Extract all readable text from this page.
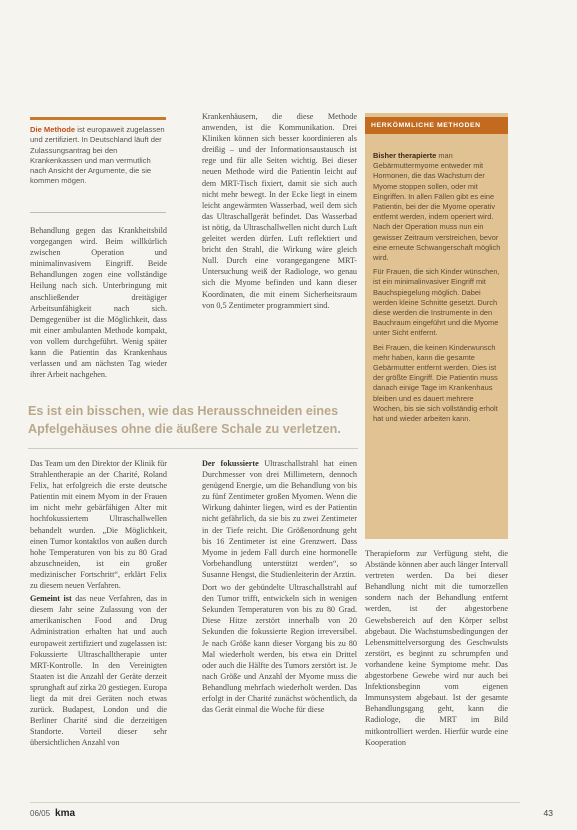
Die Methode ist europaweit zugelassen und zertifiziert. In Deutschland läuft der Zulassungsantrag bei den Krankenkassen und man vermutlich nach Ansicht der Argumente, die sie kommen mögen.

Behandlung gegen das Krankheitsbild vorgegangen wird. Beim willkürlich zwischen Operation und minimalinvasivem Eingriff. Beide Behandlungen zogen eine vollständige Heilung nach sich. Unterbringung mit anschließender dreitägiger Arbeitsunfähigkeit nach sich. Demgegenüber ist die Möglichkeit, dass mit einer ambulanten Methode kompakt, von vollem durchgeführt. Wenig später kann die Patientin das Krankenhaus verlassen und am nächsten Tag wieder ihrer Arbeit nachgehen.

Krankenhäusern, die diese Methode anwenden, ist die Kommunikation. Drei Kliniken können sich besser koordinieren als dreißig – und der Informationsaustausch ist rege und für alle Seiten wichtig. Bei dieser neuen Methode wird die Patientin leicht auf dem MRT-Tisch fixiert, damit sie sich auch nicht mehr bewegt. In der Ecke liegt in einem leicht angewärmten Wasserbad, weil dem sich das Ultraschallgerät befindet. Das Wasserbad ist nötig, da Ultraschallwellen nicht durch Luft geleitet werden dürfen. Luft reflektiert und bricht den Strahl, die Wirkung wäre gleich Null. Durch eine vorangegangene MRT-Untersuchung weiß der Radiologe, wo genau sich die Myome befinden und kann dieser Koordinaten, die mit einem Sicherheitsraum von 0,5 Zentimeter programmiert sind.

HERKÖMMLICHE METHODEN

Bisher therapierte man Gebärmuttermyome entweder mit Hormonen, die das Wachstum der Myome stoppen sollen, oder mit Eingriffen. In allen Fällen gibt es eine Patientin, bei der die Myome operativ entfernt werden, indem operiert wird. Nach der Operation muss nun ein gewisser Zeitraum verstreichen, bevor eine erneute Schwangerschaft möglich wird.

Für Frauen, die sich Kinder wünschen, ist ein minimalinvasiver Eingriff mit Bauchspiegelung möglich. Dabei werden kleine Schnitte gesetzt. Durch diese werden die Instrumente in den Bauchraum eingeführt und die Myome unter Sicht entfernt.

Bei Frauen, die keinen Kinderwunsch mehr haben, kann die gesamte Gebärmutter entfernt werden. Dies ist der größte Eingriff. Die Patientin muss danach einige Tage im Krankenhaus bleiben und es dauert mehrere Wochen, bis sie sich vollständig erholt hat und wieder arbeiten kann.

Es ist ein bisschen, wie das Herausschneiden eines Apfelgehäuses ohne die äußere Schale zu verletzen.

Das Team um den Direktor der Klinik für Strahlentherapie an der Charité, Roland Felix, hat erfolgreich die erste deutsche Patientin mit einem Myom in der Frauen im nicht mehr gebärfähigen Alter mit hochfokussiertem Ultraschallwellen behandelt wurden. „Die Möglichkeit, einen Tumor kontaktlos von außen durch hohe Temperaturen von bis zu 80 Grad abzuschneiden, ist ein großer medizinischer Fortschritt“, erklärt Felix zu diesem neuen Verfahren.

Gemeint ist das neue Verfahren, das in diesem Jahr seine Zulassung von der amerikanischen Food and Drug Administration erhalten hat und auch europaweit zertifiziert und zugelassen ist: Fokussierte Ultraschalltherapie unter MRT-Kontrolle. In den Vereinigten Staaten ist die Anzahl der Geräte derzeit sprunghaft auf zirka 20 gestiegen. Europa liegt da mit drei Geräten noch etwas zurück. Budapest, London und die Berliner Charité sind die derzeitigen Standorte. Vorteil dieser sehr übersichtlichen Anzahl von

Der fokussierte Ultraschallstrahl hat einen Durchmesser von drei Millimetern, dennoch genügend Energie, um die Behandlung von bis zu fünf Zentimeter großen Myomen. Wenn die Wirkung dahinter liegen, wird es der Patientin nicht gefährlich, da sie bis zu zwei Zentimeter in der Tiefe reicht. Die Größenordnung geht bis 16 Zentimeter ist eine Grenzwert. Dass Myome in jedem Fall durch eine hormonelle Vorbehandlung unterstützt werden“, so Susanne Hengst, die Studienleiterin der Arztin.

Dort wo der gebündelte Ultraschallstrahl auf den Tumor trifft, entwickeln sich in wenigen Sekunden Temperaturen von bis zu 80 Grad. Diese Hitze zerstört innerhalb von 20 Sekunden die fokussierte Region irreversibel. Je nach Größe kann dieser Vorgang bis zu 80 Mal wiederholt werden, bis etwa ein Drittel oder auch die Hälfte des Tumors zerstört ist. Je nach Größe und Anzahl der Myome muss die Behandlung mehrfach wiederholt werden. Das erfolgt in der Charité zunächst wöchentlich, da das Gerät einmal die Woche für diese

Therapieform zur Verfügung steht, die Abstände können aber auch länger Intervall vertreten werden. Da bei dieser Behandlung nicht mit die tumorzellen sondern nach der Behandlung entfernt werden, ist der abgestorbene Gewebsbereich auf den Körper selbst abgebaut. Die Wachstumsbedingungen der Lebensmittelversorgung des Geschwulsts zerstört, es beginnt zu schrumpfen und vorhandene keine Symptome mehr. Das abgestorbene Gewebe wird nur auch bei Infektionsbeginn vom eigenen Immunsystem abgebaut. Ist der gesamte Behandlungsgang geht, kann die Radiologe, die MRT im Bild mitkontrolliert werden. Hierfür wurde eine Kooperation

06/05 kma	43
